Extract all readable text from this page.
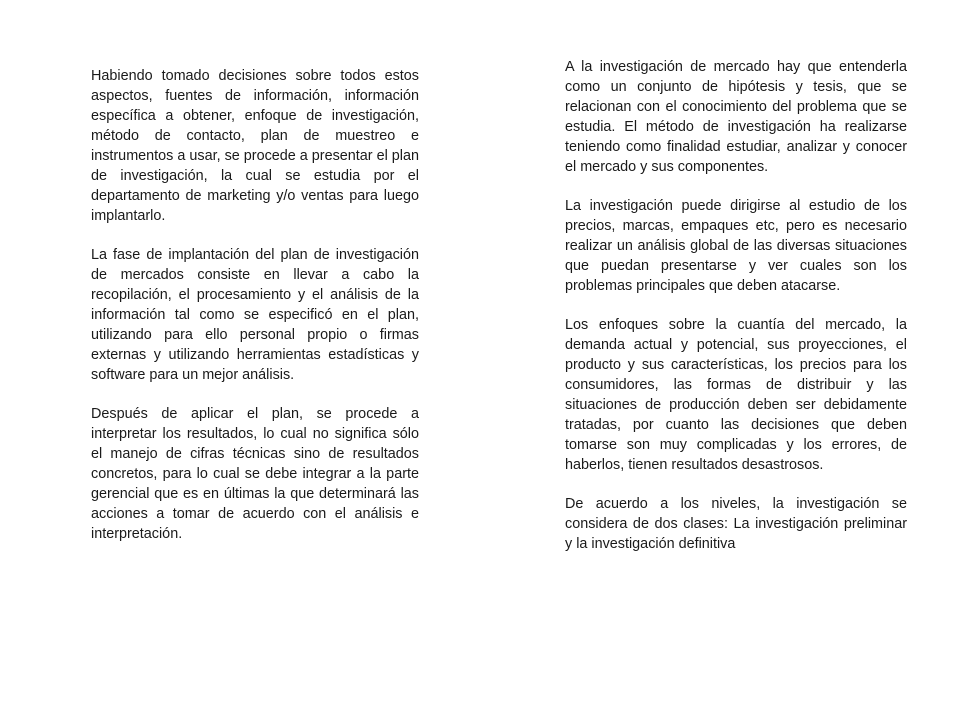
Habiendo tomado decisiones sobre todos estos aspectos, fuentes de información, información específica a obtener, enfoque de investigación, método de contacto, plan de muestreo e instrumentos a usar, se procede a presentar el plan de investigación, la cual se estudia por el departamento de marketing y/o ventas para luego implantarlo.

La fase de implantación del plan de investigación de mercados consiste en llevar a cabo la recopilación, el procesamiento y el análisis de la información tal como se especificó en el plan, utilizando para ello personal propio o firmas externas y utilizando herramientas estadísticas y software para un mejor análisis.

Después de aplicar el plan, se procede a interpretar los resultados, lo cual no significa sólo el manejo de cifras técnicas sino de resultados concretos, para lo cual se debe integrar a la parte gerencial que es en últimas la que determinará las acciones a tomar de acuerdo con el análisis e interpretación.

A la investigación de mercado hay que entenderla como un conjunto de hipótesis y tesis, que se relacionan con el conocimiento del problema que se estudia. El método de investigación ha realizarse teniendo como finalidad estudiar, analizar y conocer el mercado y sus componentes.

La investigación puede dirigirse al estudio de los precios, marcas, empaques etc, pero es necesario realizar un análisis global de las diversas situaciones que puedan presentarse y ver cuales son los problemas principales que deben atacarse.

Los enfoques sobre la cuantía del mercado, la demanda actual y potencial, sus proyecciones, el producto y sus características, los precios para los consumidores, las formas de distribuir y las situaciones de producción deben ser debidamente tratadas, por cuanto las decisiones que deben tomarse son muy complicadas y los errores, de haberlos, tienen resultados desastrosos.

De acuerdo a los niveles, la investigación se considera de dos clases: La investigación preliminar y la investigación definitiva
